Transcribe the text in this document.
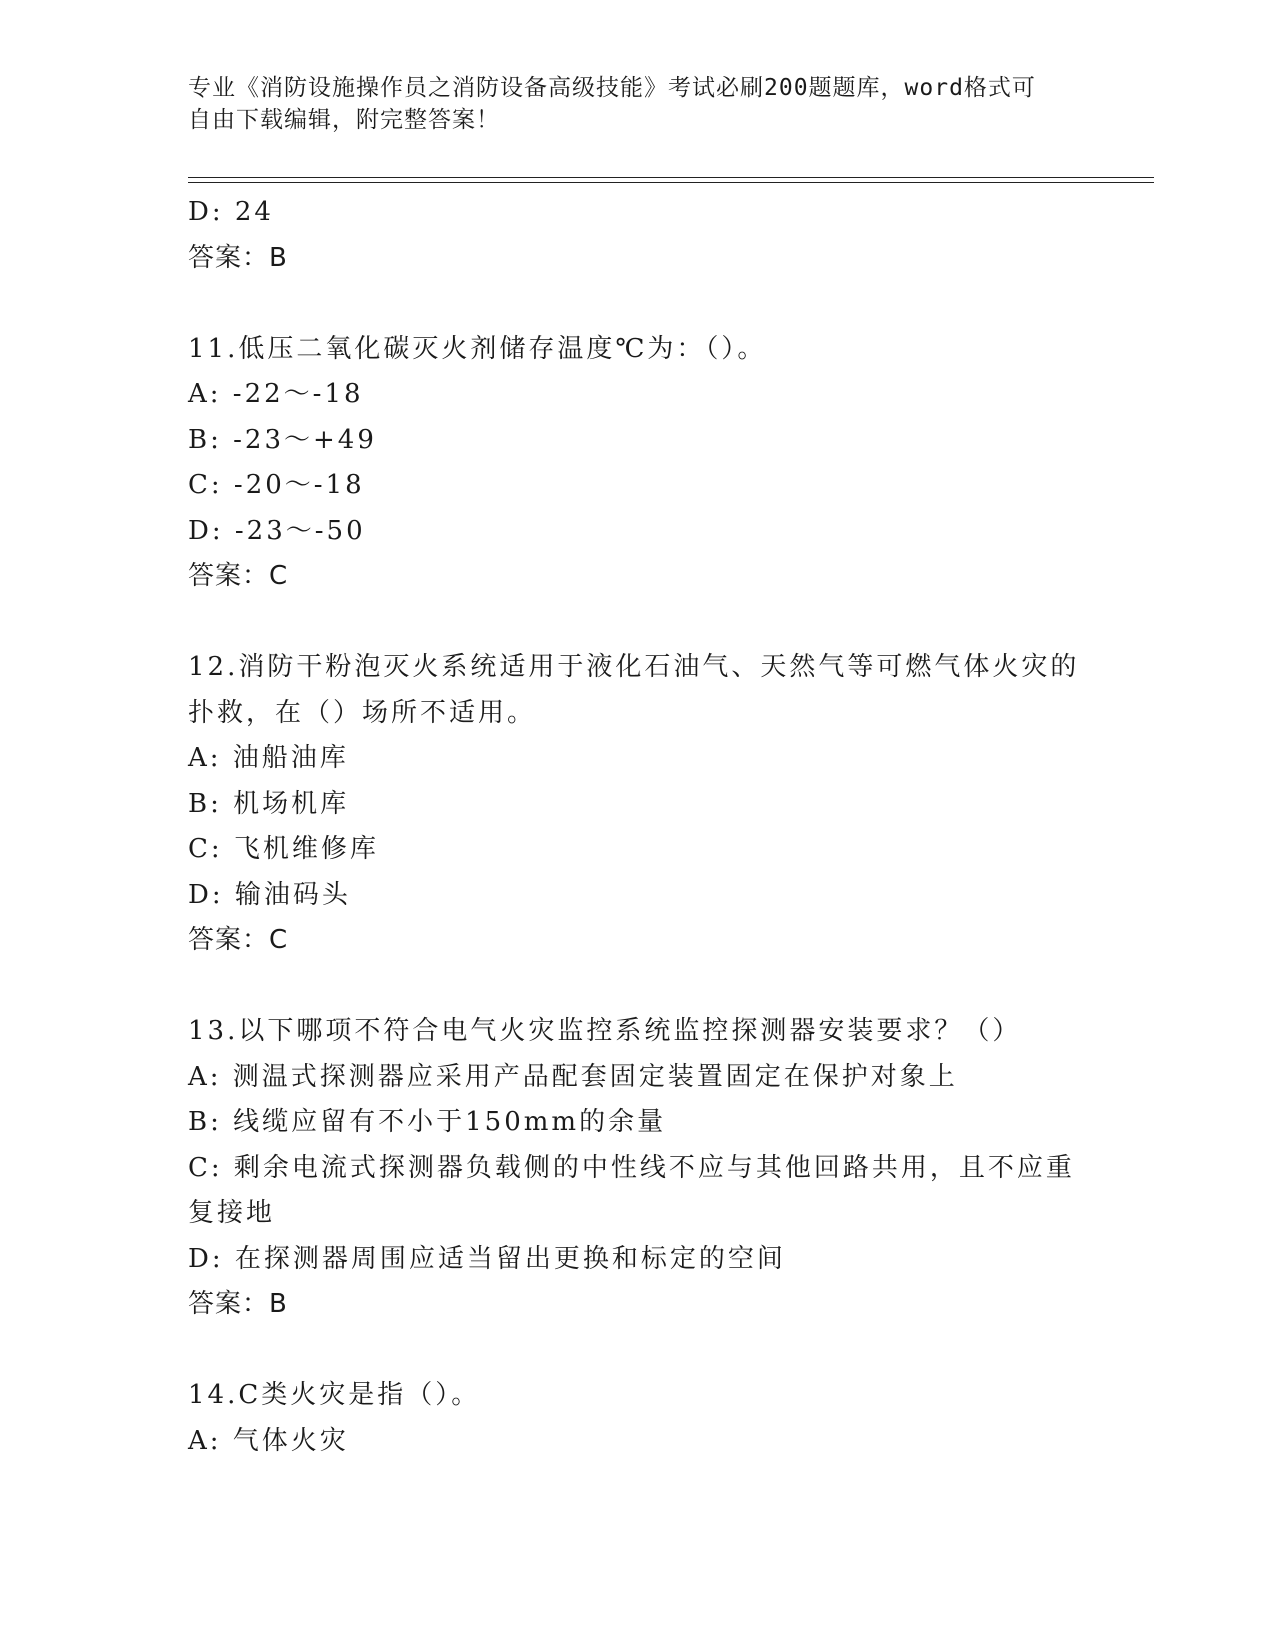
专业《消防设施操作员之消防设备高级技能》考试必刷200题题库，word格式可
自由下载编辑，附完整答案！
D: 24
答案：B
11.低压二氧化碳灭火剂储存温度℃为：（）。
A: -22～-18
B: -23～+49
C: -20～-18
D: -23～-50
答案：C
12.消防干粉泡灭火系统适用于液化石油气、天然气等可燃气体火灾的
扑救，在（）场所不适用。
A: 油船油库
B: 机场机库
C: 飞机维修库
D: 输油码头
答案：C
13.以下哪项不符合电气火灾监控系统监控探测器安装要求？（）
A: 测温式探测器应采用产品配套固定装置固定在保护对象上
B: 线缆应留有不小于150mm的余量
C: 剩余电流式探测器负载侧的中性线不应与其他回路共用，且不应重
复接地
D: 在探测器周围应适当留出更换和标定的空间
答案：B
14.C类火灾是指（）。
A: 气体火灾
